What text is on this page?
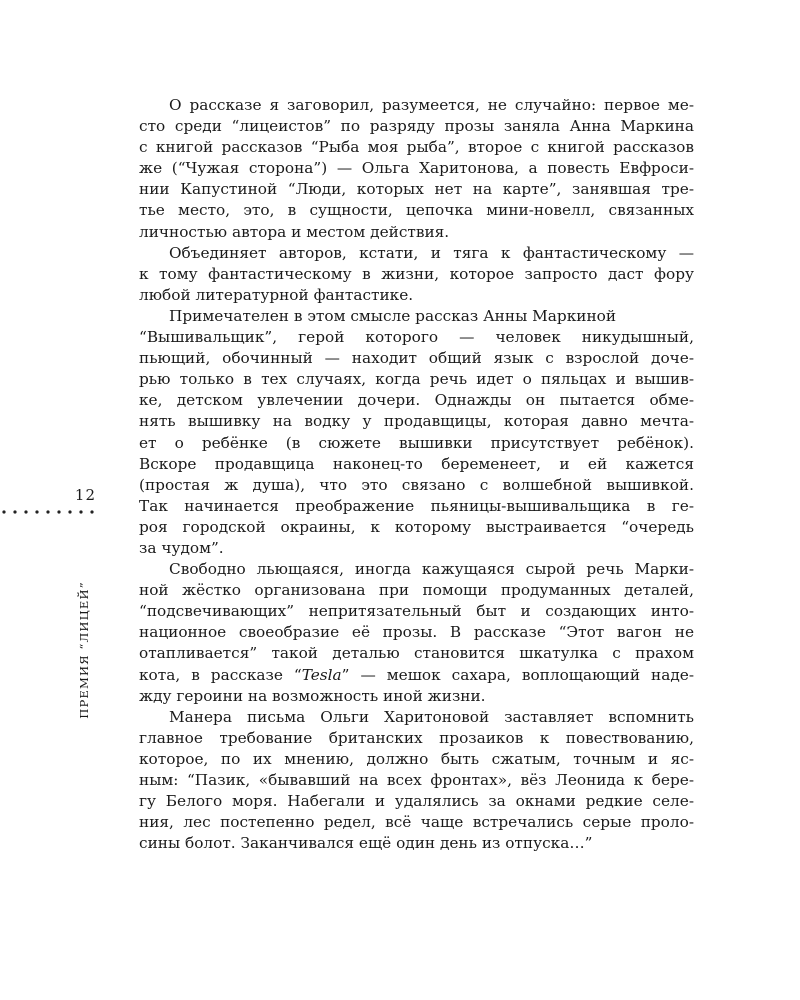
12
ПРЕМИЯ “ЛИЦЕЙ”
О рассказе я заговорил, разумеется, не случайно: первое ме-
сто среди “лицеистов” по разряду прозы заняла Анна Маркина
с книгой рассказов “Рыба моя рыба”, второе с книгой рассказов
же (“Чужая сторона”) — Ольга Харитонова, а повесть Евфроси-
нии Капустиной “Люди, которых нет на карте”, занявшая тре-
тье место, это, в сущности, цепочка мини-новелл, связанных
личностью автора и местом действия.
Объединяет авторов, кстати, и тяга к фантастическому —
к тому фантастическому в жизни, которое запросто даст фору
любой литературной фантастике.
Примечателен в этом смысле рассказ Анны Маркиной
“Вышивальщик”, герой которого — человек никудышный,
пьющий, обочинный — находит общий язык с взрослой доче-
рью только в тех случаях, когда речь идет о пяльцах и вышив-
ке, детском увлечении дочери. Однажды он пытается обме-
нять вышивку на водку у продавщицы, которая давно мечта-
ет о ребёнке (в сюжете вышивки присутствует ребёнок).
Вскоре продавщица наконец-то беременеет, и ей кажется
(простая ж душа), что это связано с волшебной вышивкой.
Так начинается преображение пьяницы-вышивальщика в ге-
роя городской окраины, к которому выстраивается “очередь
за чудом”.
Свободно льющаяся, иногда кажущаяся сырой речь Марки-
ной жёстко организована при помощи продуманных деталей,
“подсвечивающих” непритязательный быт и создающих инто-
национное своеобразие её прозы. В рассказе “Этот вагон не
отапливается” такой деталью становится шкатулка с прахом
кота, в рассказе “Tesla” — мешок сахара, воплощающий наде-
жду героини на возможность иной жизни.
Манера письма Ольги Харитоновой заставляет вспомнить
главное требование британских прозаиков к повествованию,
которое, по их мнению, должно быть сжатым, точным и яс-
ным: “Пазик, «бывавший на всех фронтах», вёз Леонида к бере-
гу Белого моря. Набегали и удалялись за окнами редкие селе-
ния, лес постепенно редел, всё чаще встречались серые проло-
сины болот. Заканчивался ещё один день из отпуска…”
